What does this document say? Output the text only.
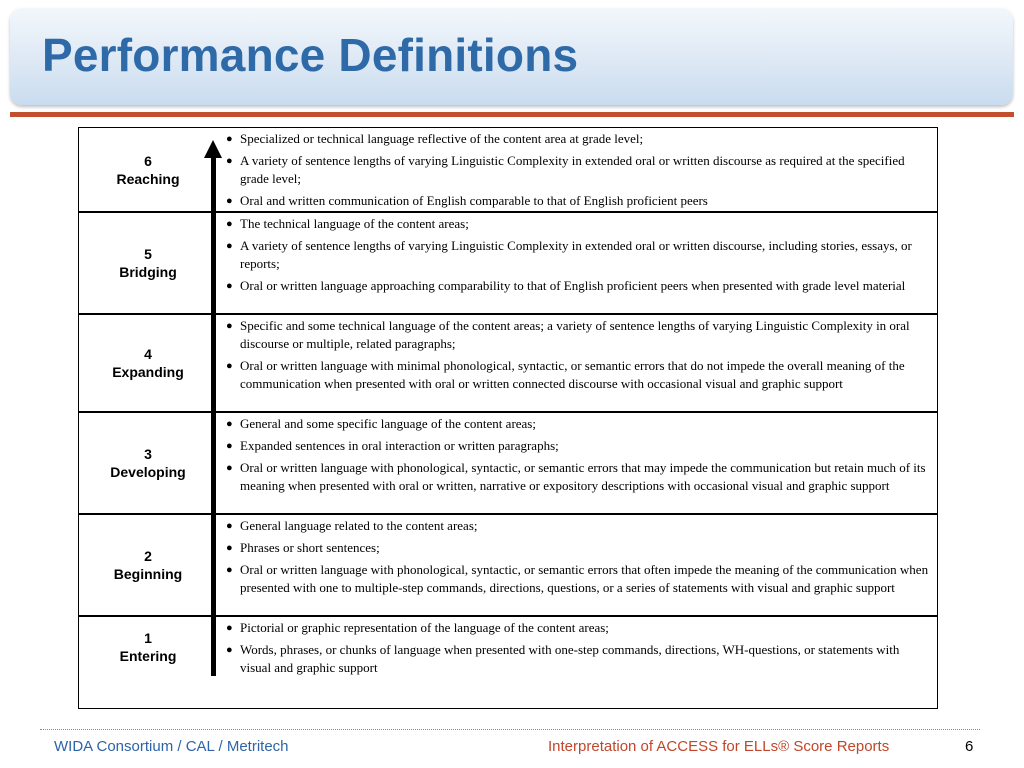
Performance Definitions
6
Reaching
● Specialized or technical language reflective of the content area at grade level;
● A variety of sentence lengths of varying Linguistic Complexity in extended oral or written discourse as required at the specified grade level;
● Oral and written communication of English comparable to that of English proficient peers
5
Bridging
● The technical language of the content areas;
● A variety of sentence lengths of varying Linguistic Complexity in extended oral or written discourse, including stories, essays, or reports;
● Oral or written language approaching comparability to that of English proficient peers when presented with grade level material
4
Expanding
● Specific and some technical language of the content areas; a variety of sentence lengths of varying Linguistic Complexity in oral discourse or multiple, related paragraphs;
● Oral or written language with minimal phonological, syntactic, or semantic errors that do not impede the overall meaning of the communication when presented with oral or written connected discourse with occasional visual and graphic support
3
Developing
● General and some specific language of the content areas;
● Expanded sentences in oral interaction or written paragraphs;
● Oral or written language with phonological, syntactic, or semantic errors that may impede the communication but retain much of its meaning when presented with oral or written, narrative or expository descriptions with occasional visual and graphic support
2
Beginning
● General language related to the content areas;
● Phrases or short sentences;
● Oral or written language with phonological, syntactic, or semantic errors that often impede the meaning of the communication when presented with one to multiple-step commands, directions, questions, or a series of statements with visual and graphic support
1
Entering
● Pictorial or graphic representation of the language of the content areas;
● Words, phrases, or chunks of language when presented with one-step commands, directions, WH-questions, or statements with visual and graphic support
WIDA Consortium / CAL / Metritech	Interpretation of ACCESS for ELLs® Score Reports	6
